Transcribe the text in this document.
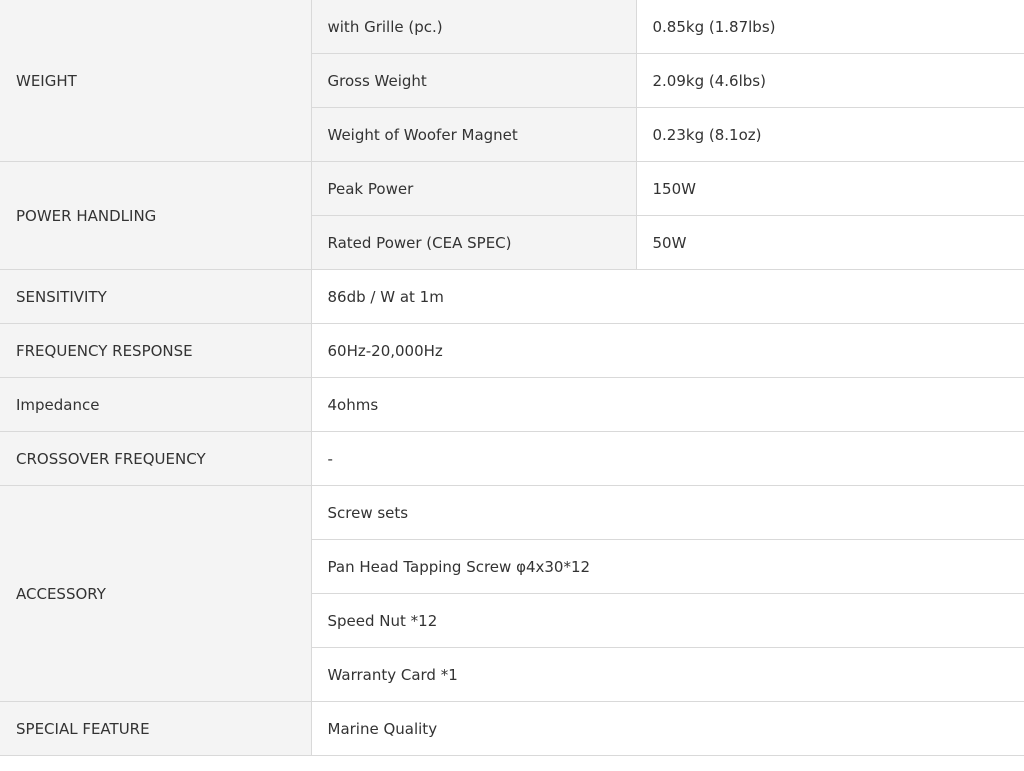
WEIGHT	with Grille (pc.)	0.85kg (1.87lbs)
	Gross Weight	2.09kg (4.6lbs)
	Weight of Woofer Magnet	0.23kg (8.1oz)
POWER HANDLING	Peak Power	150W
	Rated Power (CEA SPEC)	50W
SENSITIVITY	86db / W at 1m	
FREQUENCY RESPONSE	60Hz-20,000Hz	
Impedance	4ohms	
CROSSOVER FREQUENCY	-	
ACCESSORY	Screw sets	
	Pan Head Tapping Screw φ4x30*12	
	Speed Nut *12	
	Warranty Card *1	
SPECIAL FEATURE	Marine Quality	
